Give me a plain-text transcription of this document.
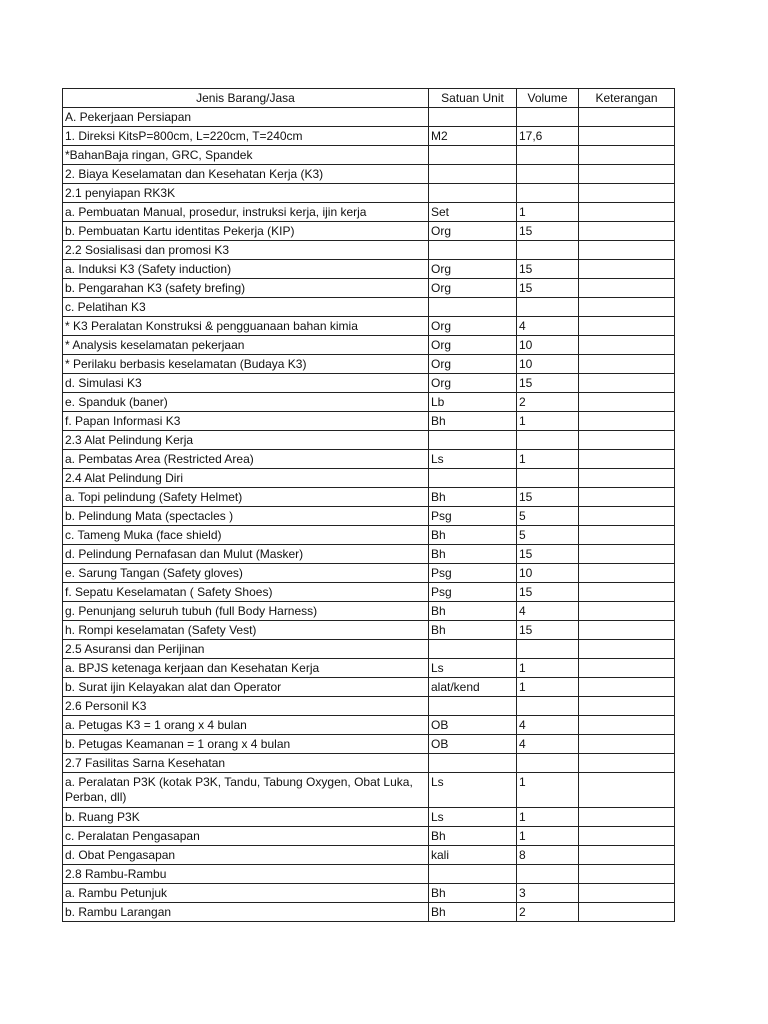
Jenis Barang/Jasa	Satuan Unit	Volume	Keterangan
A. Pekerjaan Persiapan			
1. Direksi KitsP=800cm, L=220cm, T=240cm	M2	17,6	
*BahanBaja ringan, GRC, Spandek			
2. Biaya Keselamatan dan Kesehatan Kerja (K3)			
2.1 penyiapan RK3K			
a. Pembuatan Manual, prosedur, instruksi kerja, ijin kerja	Set	1	
b. Pembuatan Kartu identitas Pekerja (KIP)	Org	15	
2.2 Sosialisasi dan promosi K3			
a. Induksi K3 (Safety induction)	Org	15	
b. Pengarahan K3 (safety brefing)	Org	15	
c. Pelatihan K3			
* K3 Peralatan Konstruksi & pengguanaan bahan kimia	Org	4	
* Analysis keselamatan pekerjaan	Org	10	
* Perilaku berbasis keselamatan (Budaya K3)	Org	10	
d. Simulasi K3	Org	15	
e. Spanduk (baner)	Lb	2	
f. Papan Informasi K3	Bh	1	
2.3 Alat Pelindung Kerja			
a. Pembatas Area (Restricted Area)	Ls	1	
2.4 Alat Pelindung Diri			
a. Topi pelindung (Safety Helmet)	Bh	15	
b. Pelindung Mata (spectacles )	Psg	5	
c. Tameng Muka (face shield)	Bh	5	
d. Pelindung Pernafasan dan Mulut (Masker)	Bh	15	
e. Sarung Tangan (Safety gloves)	Psg	10	
f. Sepatu Keselamatan ( Safety Shoes)	Psg	15	
g. Penunjang seluruh tubuh (full Body Harness)	Bh	4	
h. Rompi keselamatan (Safety Vest)	Bh	15	
2.5 Asuransi dan Perijinan			
a. BPJS ketenaga kerjaan dan Kesehatan Kerja	Ls	1	
b. Surat ijin Kelayakan alat dan Operator	alat/kend	1	
2.6 Personil K3			
a. Petugas K3 = 1 orang x 4 bulan	OB	4	
b. Petugas Keamanan = 1 orang x 4 bulan	OB	4	
2.7 Fasilitas Sarna Kesehatan			
a. Peralatan P3K (kotak P3K, Tandu, Tabung Oxygen, Obat Luka, Perban, dll)	Ls	1	
b. Ruang P3K	Ls	1	
c. Peralatan Pengasapan	Bh	1	
d. Obat Pengasapan	kali	8	
2.8 Rambu-Rambu			
a. Rambu Petunjuk	Bh	3	
b. Rambu Larangan	Bh	2	
